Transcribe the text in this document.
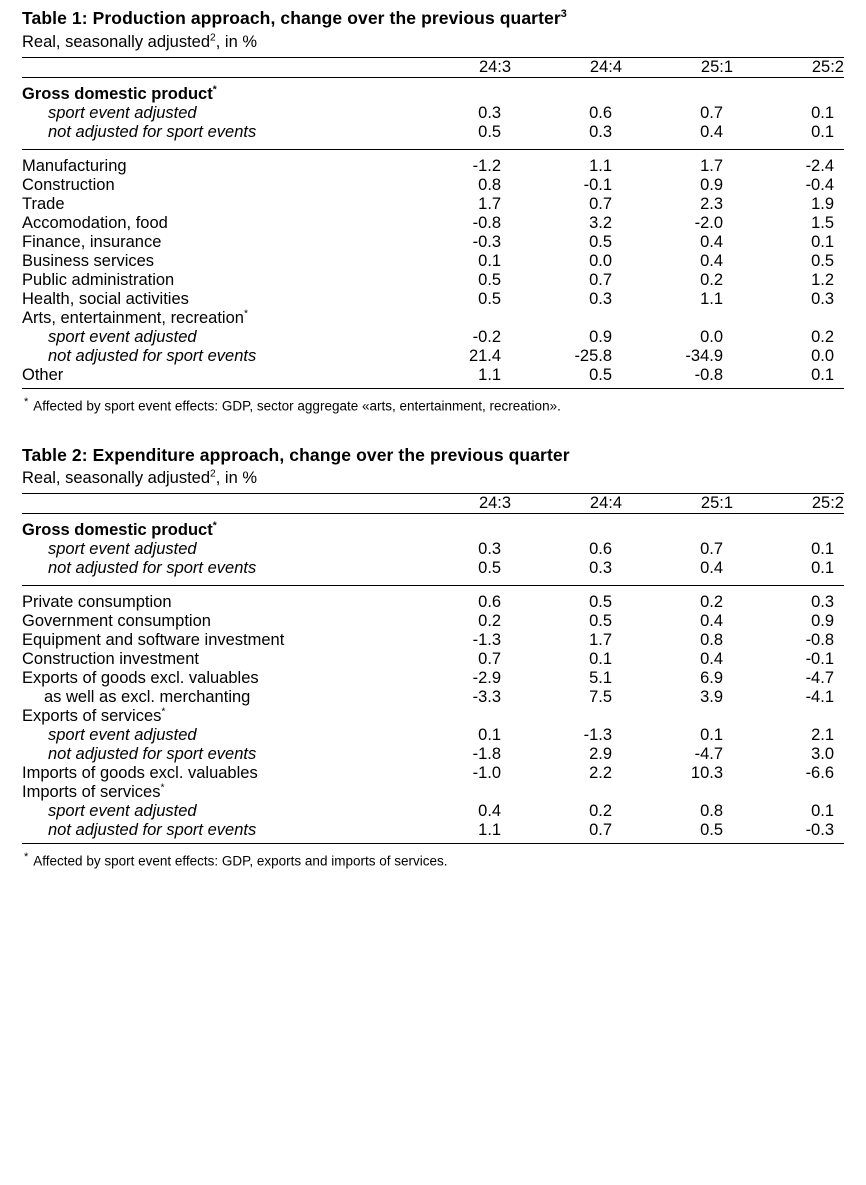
Table 1: Production approach, change over the previous quarter$^3$
Real, seasonally adjusted$^2$, in %
	24:3	24:4	25:1	25:2

Gross domestic product*				
sport event adjusted	0.3	0.6	0.7	0.1
not adjusted for sport events	0.5	0.3	0.4	0.1

Manufacturing	-1.2	1.1	1.7	-2.4
Construction	0.8	-0.1	0.9	-0.4
Trade	1.7	0.7	2.3	1.9
Accomodation, food	-0.8	3.2	-2.0	1.5
Finance, insurance	-0.3	0.5	0.4	0.1
Business services	0.1	0.0	0.4	0.5
Public administration	0.5	0.7	0.2	1.2
Health, social activities	0.5	0.3	1.1	0.3
Arts, entertainment, recreation*				
sport event adjusted	-0.2	0.9	0.0	0.2
not adjusted for sport events	21.4	-25.8	-34.9	0.0
Other	1.1	0.5	-0.8	0.1

* Affected by sport event effects: GDP, sector aggregate «arts, entertainment, recreation».
Table 2: Expenditure approach, change over the previous quarter
Real, seasonally adjusted$^2$, in %
	24:3	24:4	25:1	25:2

Gross domestic product*				
sport event adjusted	0.3	0.6	0.7	0.1
not adjusted for sport events	0.5	0.3	0.4	0.1

Private consumption	0.6	0.5	0.2	0.3
Government consumption	0.2	0.5	0.4	0.9
Equipment and software investment	-1.3	1.7	0.8	-0.8
Construction investment	0.7	0.1	0.4	-0.1
Exports of goods excl. valuables	-2.9	5.1	6.9	-4.7
as well as excl. merchanting	-3.3	7.5	3.9	-4.1
Exports of services*				
sport event adjusted	0.1	-1.3	0.1	2.1
not adjusted for sport events	-1.8	2.9	-4.7	3.0
Imports of goods excl. valuables	-1.0	2.2	10.3	-6.6
Imports of services*				
sport event adjusted	0.4	0.2	0.8	0.1
not adjusted for sport events	1.1	0.7	0.5	-0.3

* Affected by sport event effects: GDP, exports and imports of services.
